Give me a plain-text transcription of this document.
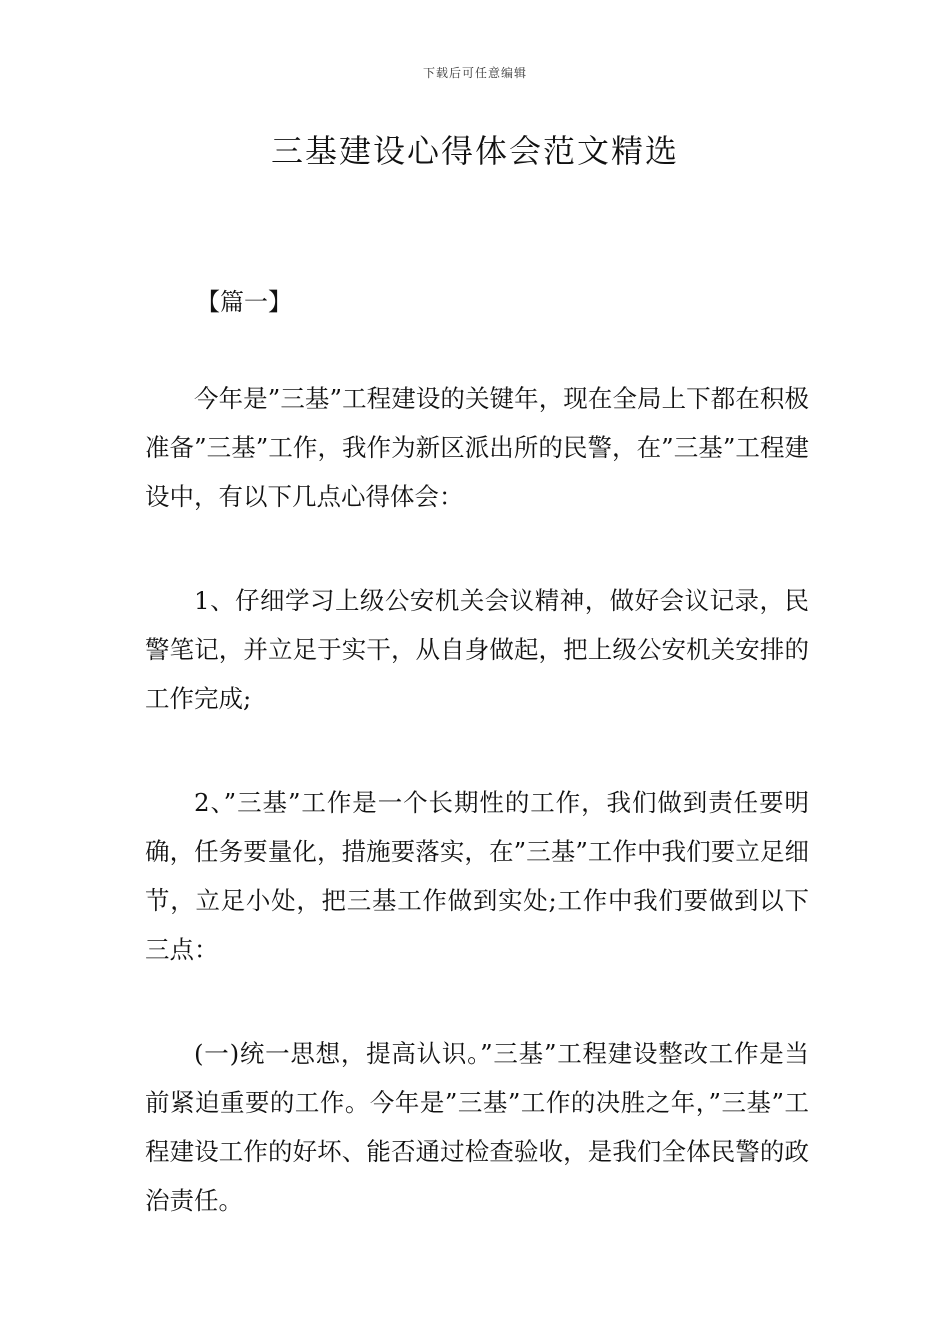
下载后可任意编辑
三基建设心得体会范文精选
【篇一】

今年是”三基”工程建设的关键年，现在全局上下都在积极准备”三基”工作，我作为新区派出所的民警，在”三基”工程建设中，有以下几点心得体会：

1、仔细学习上级公安机关会议精神，做好会议记录，民警笔记，并立足于实干，从自身做起，把上级公安机关安排的工作完成;

2、”三基”工作是一个长期性的工作，我们做到责任要明确，任务要量化，措施要落实，在”三基”工作中我们要立足细节，立足小处，把三基工作做到实处;工作中我们要做到以下三点：

(一)统一思想，提高认识。”三基”工程建设整改工作是当前紧迫重要的工作。今年是”三基”工作的决胜之年，”三基”工程建设工作的好坏、能否通过检查验收，是我们全体民警的政治责任。
